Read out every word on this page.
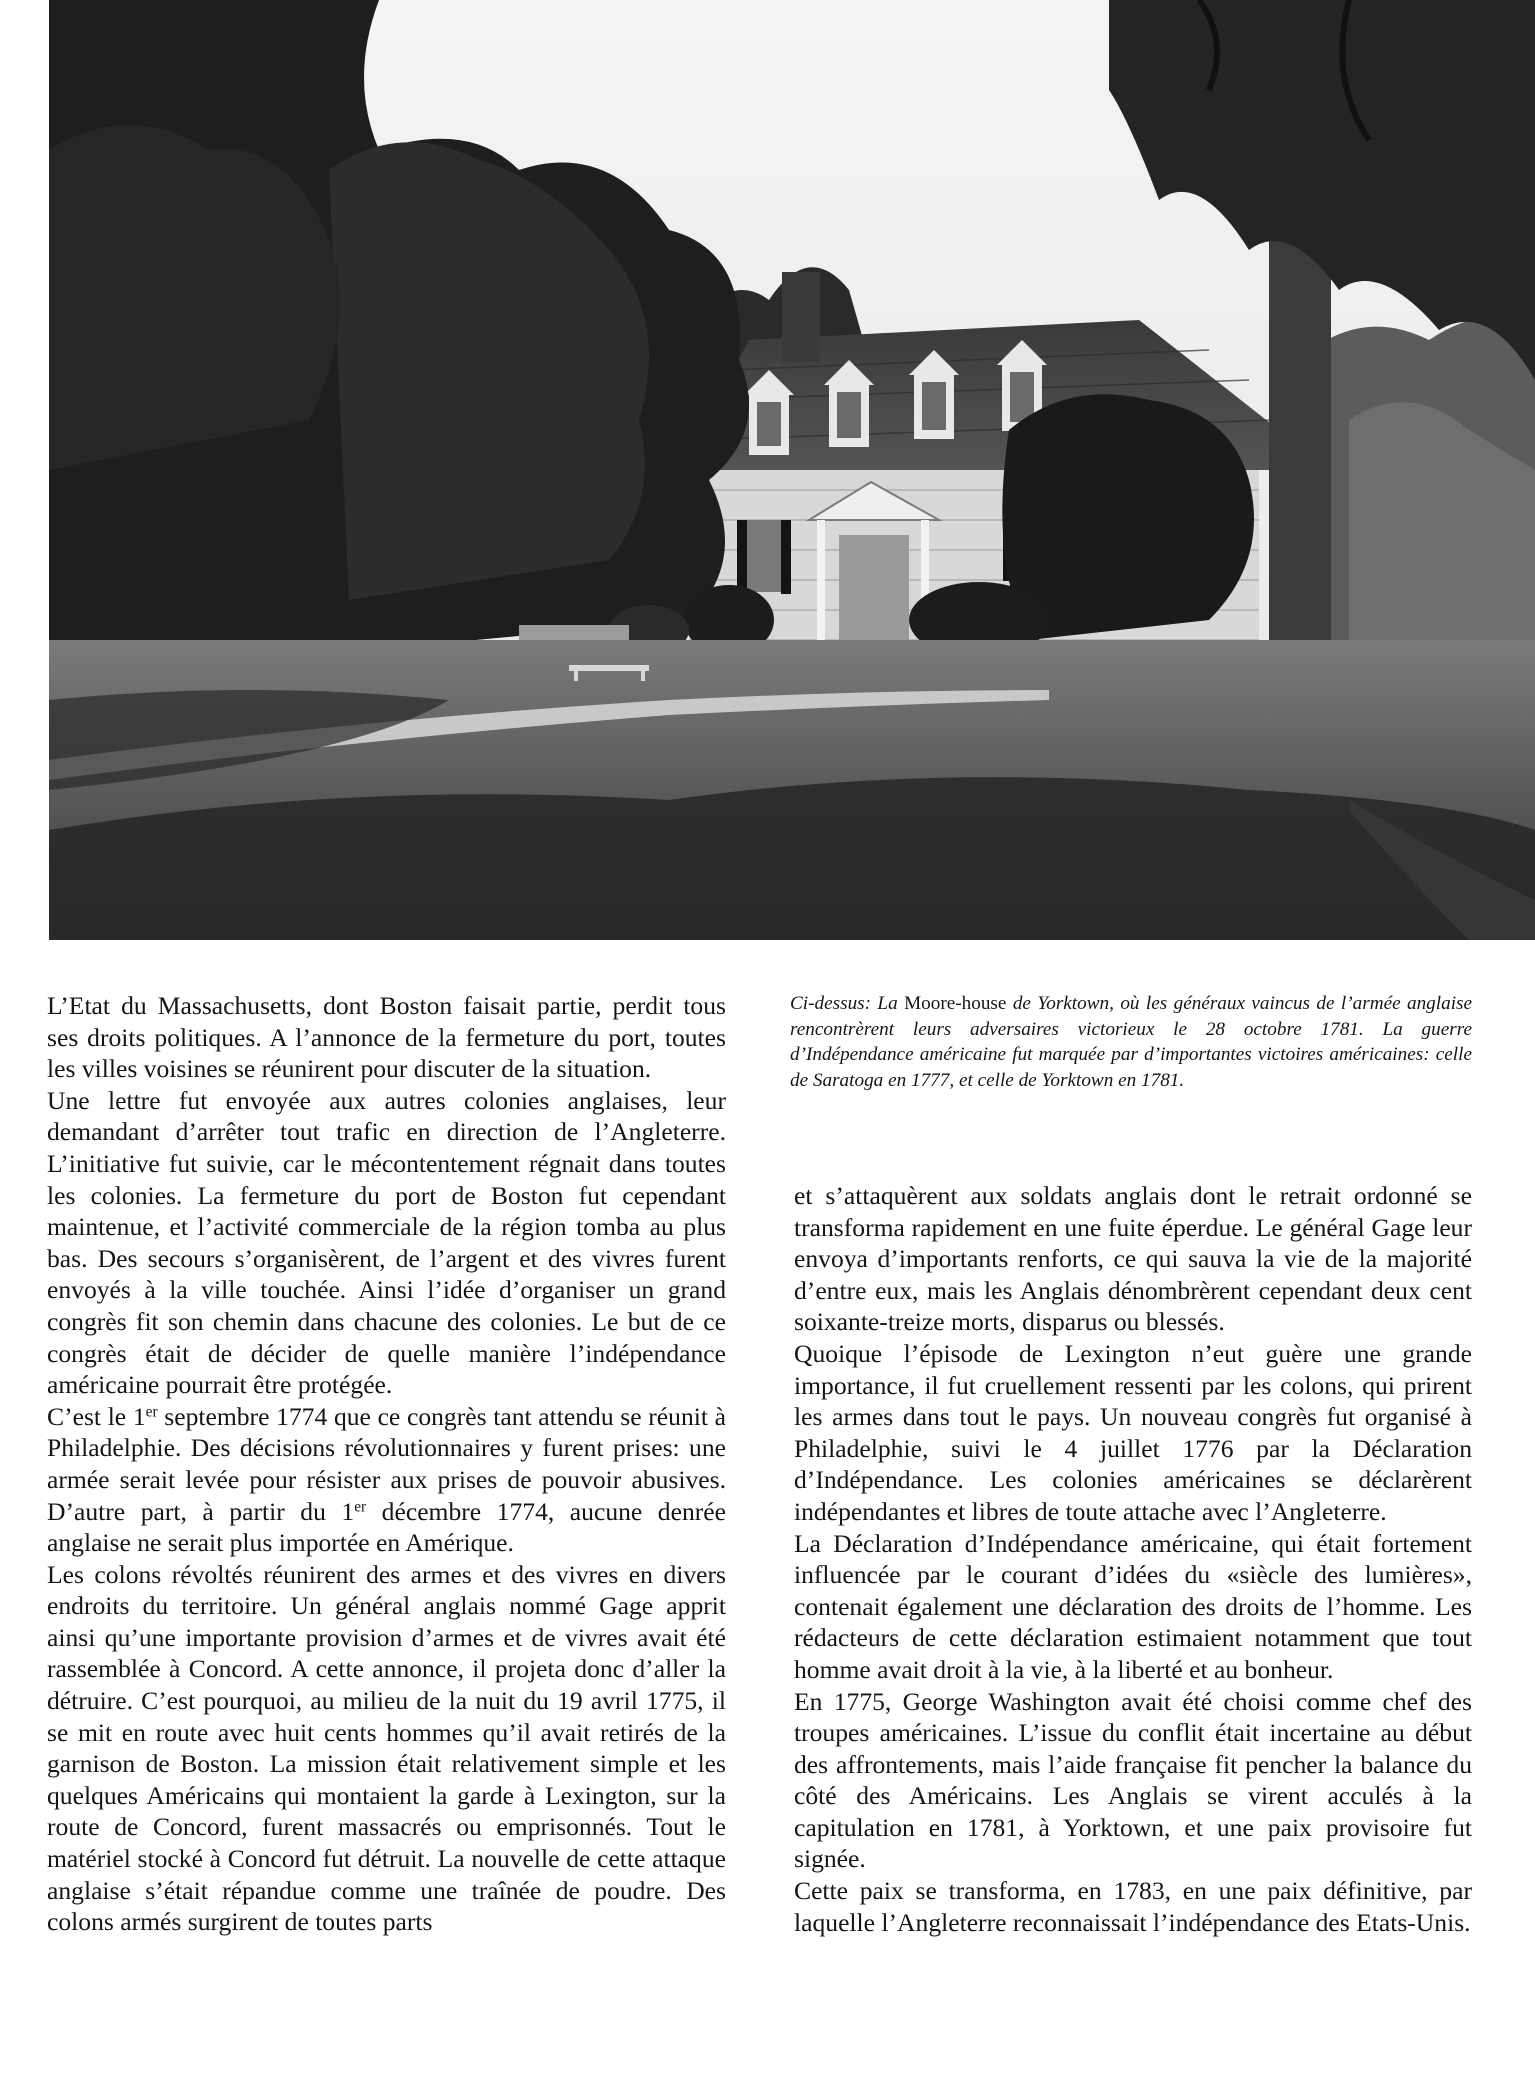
L’Etat du Massachusetts, dont Boston faisait partie, perdit tous ses droits politiques. A l’annonce de la fermeture du port, toutes les villes voisines se réunirent pour discuter de la situation.

Une lettre fut envoyée aux autres colonies anglaises, leur demandant d’arrêter tout trafic en direction de l’Angleterre. L’initiative fut suivie, car le mécontentement régnait dans toutes les colonies. La fermeture du port de Boston fut cependant maintenue, et l’activité commerciale de la région tomba au plus bas. Des secours s’organisèrent, de l’argent et des vivres furent envoyés à la ville touchée. Ainsi l’idée d’organiser un grand congrès fit son chemin dans chacune des colonies. Le but de ce congrès était de décider de quelle manière l’indépendance américaine pourrait être protégée.

C’est le 1er septembre 1774 que ce congrès tant attendu se réunit à Philadelphie. Des décisions révolutionnaires y furent prises: une armée serait levée pour résister aux prises de pouvoir abusives. D’autre part, à partir du 1er décembre 1774, aucune denrée anglaise ne serait plus importée en Amérique.

Les colons révoltés réunirent des armes et des vivres en divers endroits du territoire. Un général anglais nommé Gage apprit ainsi qu’une importante provision d’armes et de vivres avait été rassemblée à Concord. A cette annonce, il projeta donc d’aller la détruire. C’est pourquoi, au milieu de la nuit du 19 avril 1775, il se mit en route avec huit cents hommes qu’il avait retirés de la garnison de Boston. La mission était relativement simple et les quelques Américains qui montaient la garde à Lexington, sur la route de Concord, furent massacrés ou emprisonnés. Tout le matériel stocké à Concord fut détruit. La nouvelle de cette attaque anglaise s’était répandue comme une traînée de poudre. Des colons armés surgirent de toutes parts

Ci-dessus: La Moore-house de Yorktown, où les généraux vaincus de l’armée anglaise rencontrèrent leurs adversaires victorieux le 28 octobre 1781. La guerre d’Indépendance américaine fut marquée par d’importantes victoires américaines: celle de Saratoga en 1777, et celle de Yorktown en 1781.

et s’attaquèrent aux soldats anglais dont le retrait ordonné se transforma rapidement en une fuite éperdue. Le général Gage leur envoya d’importants renforts, ce qui sauva la vie de la majorité d’entre eux, mais les Anglais dénombrèrent cependant deux cent soixante-treize morts, disparus ou blessés.

Quoique l’épisode de Lexington n’eut guère une grande importance, il fut cruellement ressenti par les colons, qui prirent les armes dans tout le pays. Un nouveau congrès fut organisé à Philadelphie, suivi le 4 juillet 1776 par la Déclaration d’Indépendance. Les colonies américaines se déclarèrent indépendantes et libres de toute attache avec l’Angleterre.

La Déclaration d’Indépendance américaine, qui était fortement influencée par le courant d’idées du «siècle des lumières», contenait également une déclaration des droits de l’homme. Les rédacteurs de cette déclaration estimaient notamment que tout homme avait droit à la vie, à la liberté et au bonheur.

En 1775, George Washington avait été choisi comme chef des troupes américaines. L’issue du conflit était incertaine au début des affrontements, mais l’aide française fit pencher la balance du côté des Américains. Les Anglais se virent acculés à la capitulation en 1781, à Yorktown, et une paix provisoire fut signée.

Cette paix se transforma, en 1783, en une paix définitive, par laquelle l’Angleterre reconnaissait l’indépendance des Etats-Unis.
